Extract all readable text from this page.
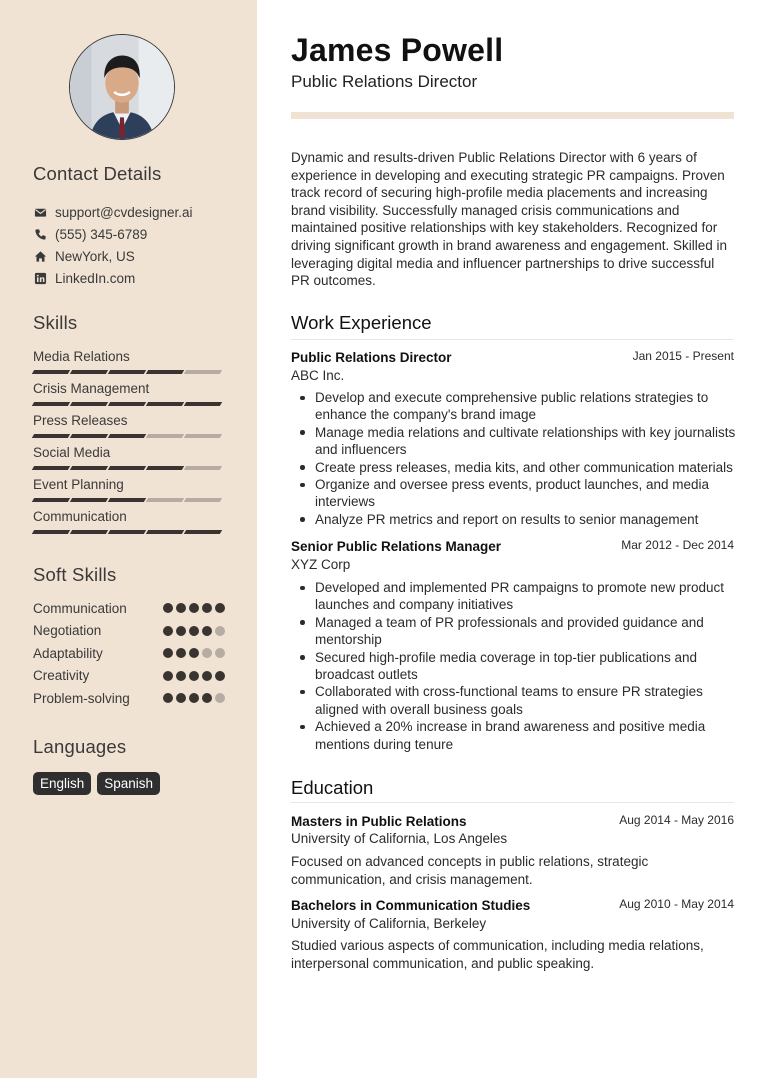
Contact Details
support@cvdesigner.ai
(555) 345-6789
NewYork, US
LinkedIn.com
Skills
Media Relations
Crisis Management
Press Releases
Social Media
Event Planning
Communication
Soft Skills
Communication
Negotiation
Adaptability
Creativity
Problem-solving
Languages
English	Spanish
James Powell
Public Relations Director
Dynamic and results-driven Public Relations Director with 6 years of experience in developing and executing strategic PR campaigns. Proven track record of securing high-profile media placements and increasing brand visibility. Successfully managed crisis communications and maintained positive relationships with key stakeholders. Recognized for driving significant growth in brand awareness and engagement. Skilled in leveraging digital media and influencer partnerships to drive successful PR outcomes.
Work Experience
Public Relations Director	Jan 2015 - Present
ABC Inc.
Develop and execute comprehensive public relations strategies to enhance the company's brand image
Manage media relations and cultivate relationships with key journalists and influencers
Create press releases, media kits, and other communication materials
Organize and oversee press events, product launches, and media interviews
Analyze PR metrics and report on results to senior management
Senior Public Relations Manager	Mar 2012 - Dec 2014
XYZ Corp
Developed and implemented PR campaigns to promote new product launches and company initiatives
Managed a team of PR professionals and provided guidance and mentorship
Secured high-profile media coverage in top-tier publications and broadcast outlets
Collaborated with cross-functional teams to ensure PR strategies aligned with overall business goals
Achieved a 20% increase in brand awareness and positive media mentions during tenure
Education
Masters in Public Relations	Aug 2014 - May 2016
University of California, Los Angeles
Focused on advanced concepts in public relations, strategic communication, and crisis management.
Bachelors in Communication Studies	Aug 2010 - May 2014
University of California, Berkeley
Studied various aspects of communication, including media relations, interpersonal communication, and public speaking.
